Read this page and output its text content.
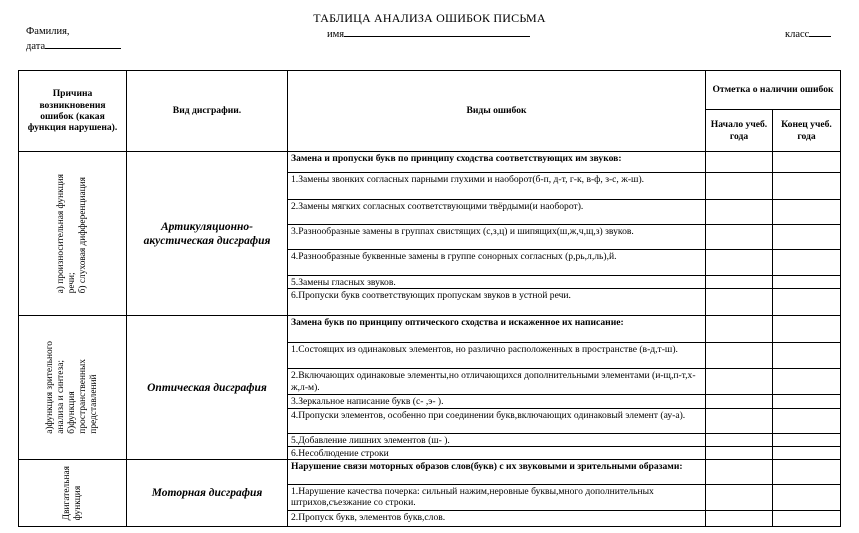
ТАБЛИЦА АНАЛИЗА ОШИБОК ПИСЬМА
Фамилия,
дата
имя	класс
Причина возникновения ошибок (какая функция нарушена).	Вид дисграфии.	Виды ошибок	Отметка о наличии ошибок	
			Начало учеб. года	Конец учеб. года

а) произносительная функция речи; б) слуховая дифференциация	Артикуляционно-акустическая дисграфия	Замена и пропуски букв по принципу сходства соответствующих им звуков:		
		1.Замены звонких согласных парными глухими и наоборот(б-п, д-т, г-к, в-ф, з-с, ж-ш).		
		2.Замены мягких согласных соответствующими твёрдыми(и наоборот).		
		3.Разнообразные замены в группах свистящих (с,з,ц) и шипящих(ш,ж,ч,щ,з) звуков.		
		4.Разнообразные буквенные замены в группе сонорных согласных (р,рь,л,ль),й.		
		5.Замены гласных звуков.		
		6.Пропуски букв соответствующих пропускам звуков в устной речи.		

а)функция зрительного анализа и синтеза; б)функция пространственных представлений	Оптическая дисграфия	Замена букв по принципу оптического сходства и искаженное их написание:		
		1.Состоящих из одинаковых элементов, но различно расположенных в пространстве (в-д,т-ш).		
		2.Включающих одинаковые элементы,но отличающихся дополнительными элементами (и-щ,п-т,х-ж,л-м).		
		3.Зеркальное написание букв (с- ,э- ).		
		4.Пропуски элементов, особенно при соединении букв,включающих одинаковый элемент (ау-а).		
		5.Добавление лишних элементов (ш- ).		
		6.Несоблюдение строки		

Двигательная функция	Моторная дисграфия	Нарушение связи моторных образов слов(букв) с их звуковыми и зрительными образами:		
		1.Нарушение качества почерка: сильный нажим,неровные буквы,много дополнительных штрихов,съезжание со строки.		
		2.Пропуск букв, элементов букв,слов.		
